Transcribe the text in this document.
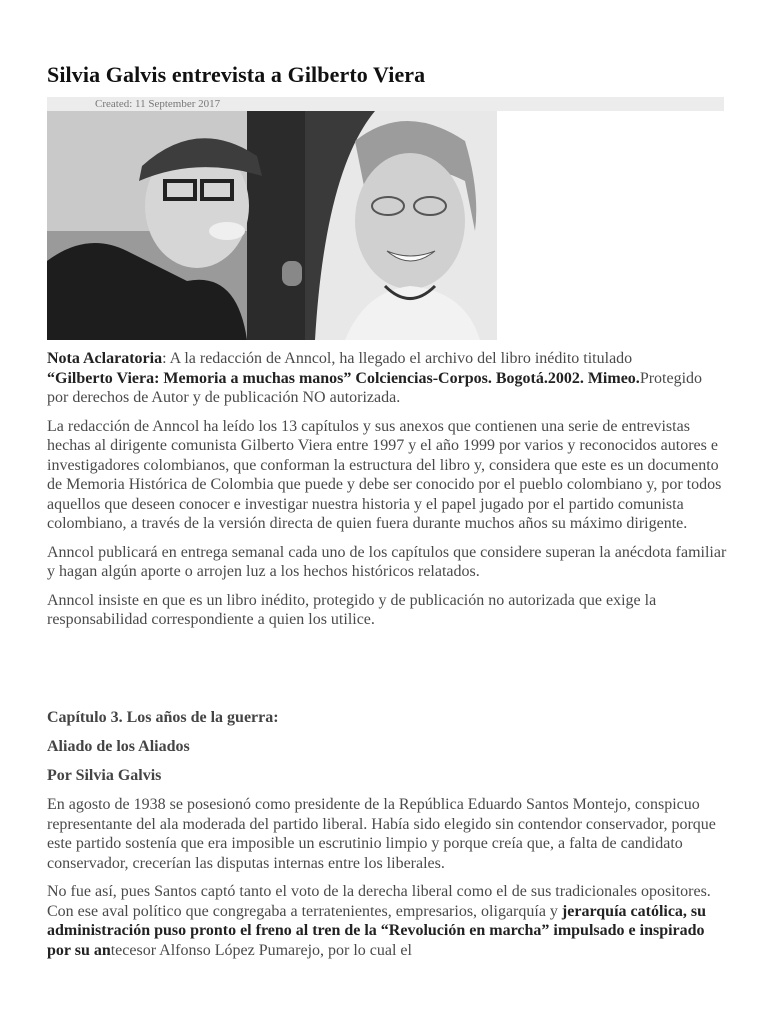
Silvia Galvis entrevista a Gilberto Viera
Created: 11 September 2017

Nota Aclaratoria: A la redacción de Anncol, ha llegado el archivo del libro inédito titulado
“Gilberto Viera: Memoria a muchas manos” Colciencias-Corpos. Bogotá.2002. Mimeo.Protegido por derechos de Autor y de publicación NO autorizada.

La redacción de Anncol ha leído los 13 capítulos y sus anexos que contienen una serie de entrevistas hechas al dirigente comunista Gilberto Viera entre 1997 y el año 1999 por varios y reconocidos autores e investigadores colombianos, que conforman la estructura del libro y, considera que este es un documento de Memoria Histórica de Colombia que puede y debe ser conocido por el pueblo colombiano y, por todos aquellos que deseen conocer e investigar nuestra historia y el papel jugado por el partido comunista colombiano, a través de la versión directa de quien fuera durante muchos años su máximo dirigente.

Anncol publicará en entrega semanal cada uno de los capítulos que considere superan la anécdota familiar y hagan algún aporte o arrojen luz a los hechos históricos relatados.

Anncol insiste en que es un libro inédito, protegido y de publicación no autorizada que exige la responsabilidad correspondiente a quien los utilice.

Capítulo 3. Los años de la guerra:
Aliado de los Aliados
Por Silvia Galvis

En agosto de 1938 se posesionó como presidente de la República Eduardo Santos Montejo, conspicuo representante del ala moderada del partido liberal. Había sido elegido sin contendor conservador, porque este partido sostenía que era imposible un escrutinio limpio y porque creía que, a falta de candidato conservador, crecerían las disputas internas entre los liberales.

No fue así, pues Santos captó tanto el voto de la derecha liberal como el de sus tradicionales opositores. Con ese aval político que congregaba a terratenientes, empresarios, oligarquía y jerarquía católica, su administración puso pronto el freno al tren de la “Revolución en marcha” impulsado e inspirado por su antecesor Alfonso López Pumarejo, por lo cual el
